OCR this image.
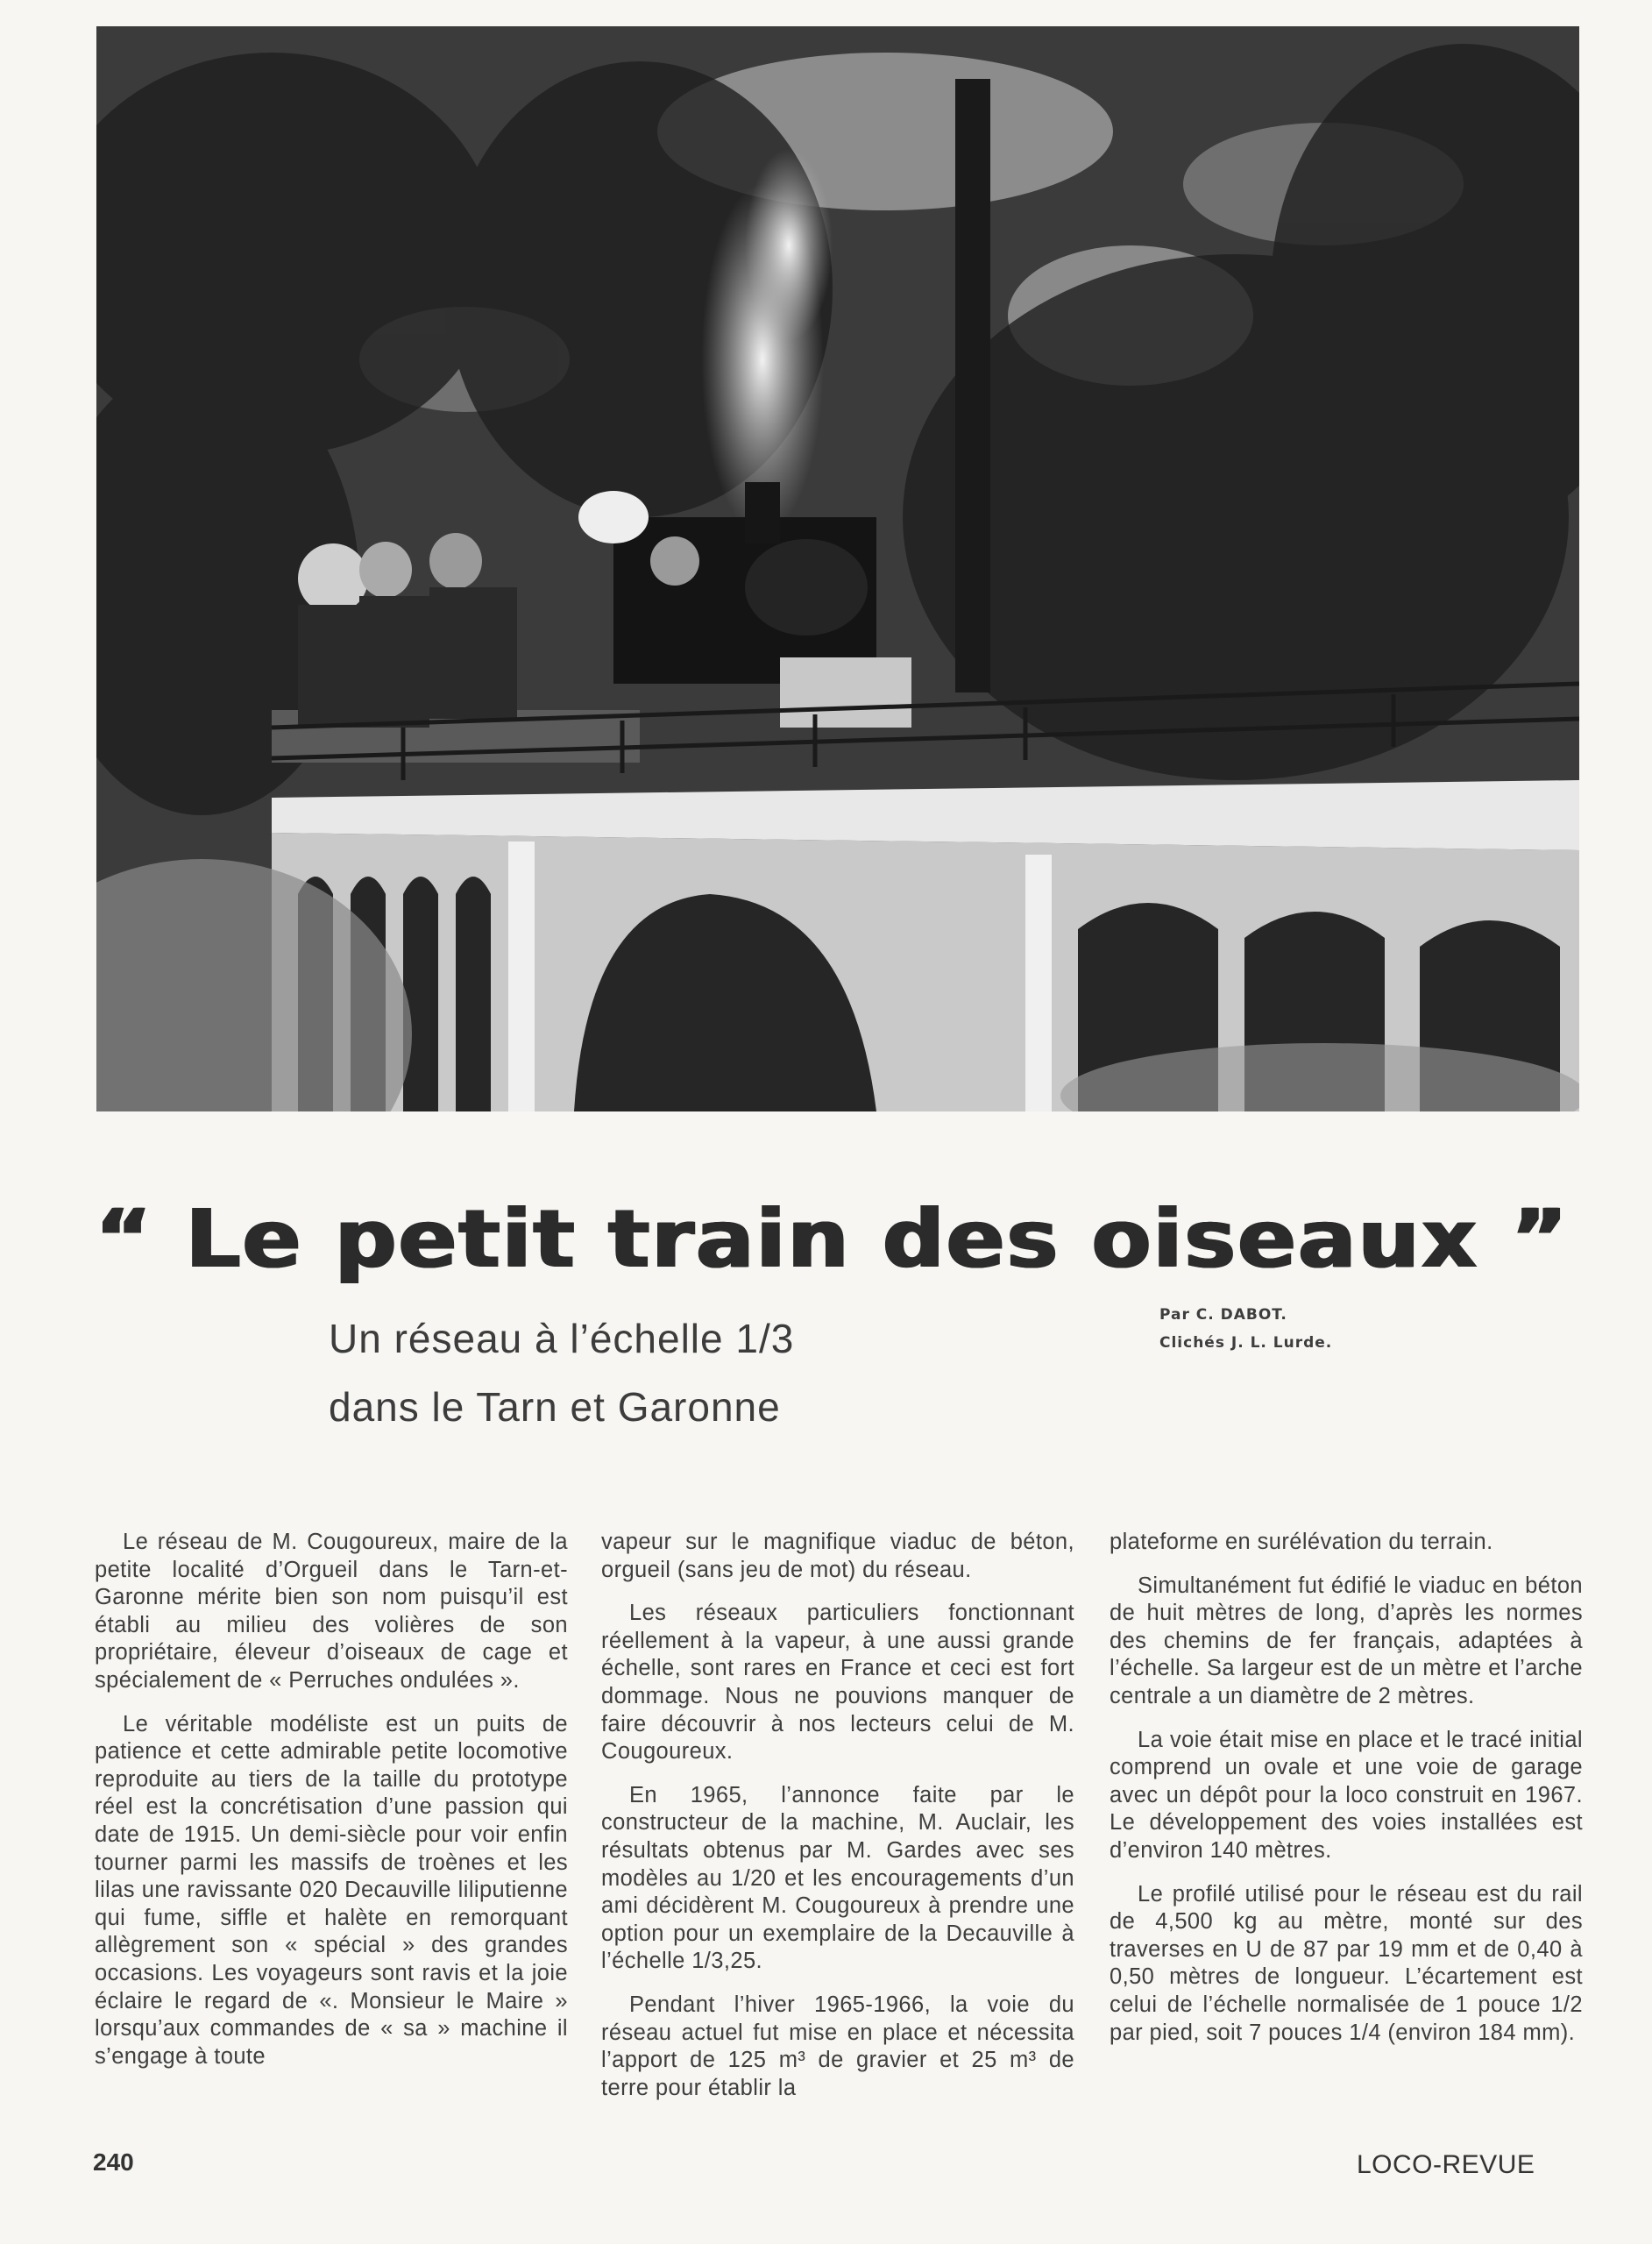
“ Le petit train des oiseaux ”
Un réseau à l’échelle 1/3
dans le Tarn et Garonne
Par C. DABOT.
Clichés J. L. Lurde.

Le réseau de M. Cougoureux, maire de la petite localité d’Orgueil dans le Tarn-et-Garonne mérite bien son nom puisqu’il est établi au milieu des volières de son propriétaire, éleveur d’oiseaux de cage et spécialement de « Perruches ondulées ».

Le véritable modéliste est un puits de patience et cette admirable petite locomotive reproduite au tiers de la taille du prototype réel est la concrétisation d’une passion qui date de 1915. Un demi-siècle pour voir enfin tourner parmi les massifs de troènes et les lilas une ravissante 020 Decauville liliputienne qui fume, siffle et halète en remorquant allègrement son « spécial » des grandes occasions. Les voyageurs sont ravis et la joie éclaire le regard de «. Monsieur le Maire » lorsqu’aux commandes de « sa » machine il s’engage à toute

vapeur sur le magnifique viaduc de béton, orgueil (sans jeu de mot) du réseau.

Les réseaux particuliers fonctionnant réellement à la vapeur, à une aussi grande échelle, sont rares en France et ceci est fort dommage. Nous ne pouvions manquer de faire découvrir à nos lecteurs celui de M. Cougoureux.

En 1965, l’annonce faite par le constructeur de la machine, M. Auclair, les résultats obtenus par M. Gardes avec ses modèles au 1/20 et les encouragements d’un ami décidèrent M. Cougoureux à prendre une option pour un exemplaire de la Decauville à l’échelle 1/3,25.

Pendant l’hiver 1965-1966, la voie du réseau actuel fut mise en place et nécessita l’apport de 125 m³ de gravier et 25 m³ de terre pour établir la

plateforme en surélévation du terrain.

Simultanément fut édifié le viaduc en béton de huit mètres de long, d’après les normes des chemins de fer français, adaptées à l’échelle. Sa largeur est de un mètre et l’arche centrale a un diamètre de 2 mètres.

La voie était mise en place et le tracé initial comprend un ovale et une voie de garage avec un dépôt pour la loco construit en 1967. Le développement des voies installées est d’environ 140 mètres.

Le profilé utilisé pour le réseau est du rail de 4,500 kg au mètre, monté sur des traverses en U de 87 par 19 mm et de 0,40 à 0,50 mètres de longueur. L’écartement est celui de l’échelle normalisée de 1 pouce 1/2 par pied, soit 7 pouces 1/4 (environ 184 mm).

240	LOCO-REVUE
